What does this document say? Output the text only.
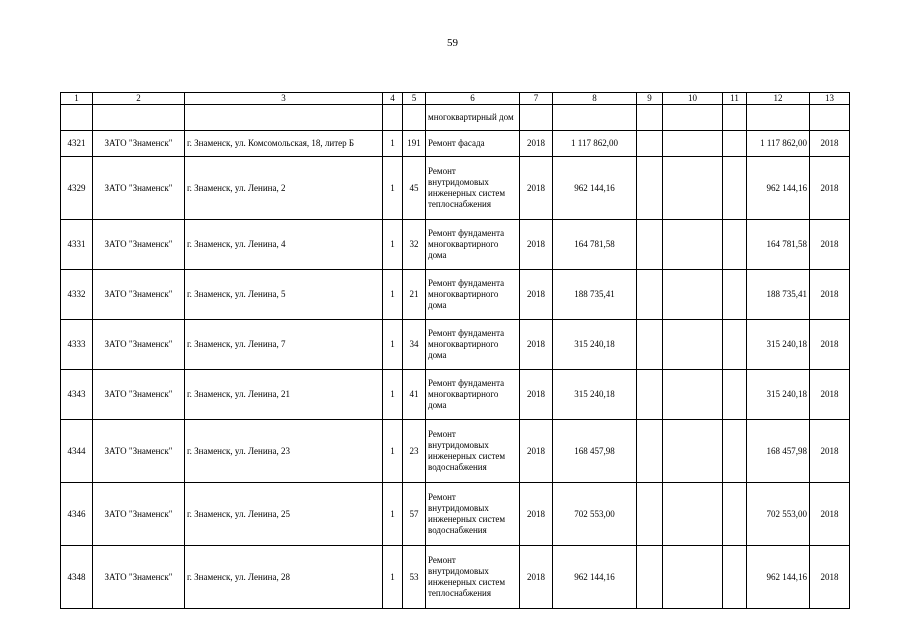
59
1	2	3	4	5	6	7	8	9	10	11	12	13
					многоквартирный дом							
4321	ЗАТО "Знаменск"	г. Знаменск, ул. Комсомольская, 18, литер Б	1	191	Ремонт фасада	2018	1 117 862,00				1 117 862,00	2018
4329	ЗАТО "Знаменск"	г. Знаменск, ул. Ленина, 2	1	45	Ремонт внутридомовых инженерных систем теплоснабжения	2018	962 144,16				962 144,16	2018
4331	ЗАТО "Знаменск"	г. Знаменск, ул. Ленина, 4	1	32	Ремонт фундамента многоквартирного дома	2018	164 781,58				164 781,58	2018
4332	ЗАТО "Знаменск"	г. Знаменск, ул. Ленина, 5	1	21	Ремонт фундамента многоквартирного дома	2018	188 735,41				188 735,41	2018
4333	ЗАТО "Знаменск"	г. Знаменск, ул. Ленина, 7	1	34	Ремонт фундамента многоквартирного дома	2018	315 240,18				315 240,18	2018
4343	ЗАТО "Знаменск"	г. Знаменск, ул. Ленина, 21	1	41	Ремонт фундамента многоквартирного дома	2018	315 240,18				315 240,18	2018
4344	ЗАТО "Знаменск"	г. Знаменск, ул. Ленина, 23	1	23	Ремонт внутридомовых инженерных систем водоснабжения	2018	168 457,98				168 457,98	2018
4346	ЗАТО "Знаменск"	г. Знаменск, ул. Ленина, 25	1	57	Ремонт внутридомовых инженерных систем водоснабжения	2018	702 553,00				702 553,00	2018
4348	ЗАТО "Знаменск"	г. Знаменск, ул. Ленина, 28	1	53	Ремонт внутридомовых инженерных систем теплоснабжения	2018	962 144,16				962 144,16	2018
